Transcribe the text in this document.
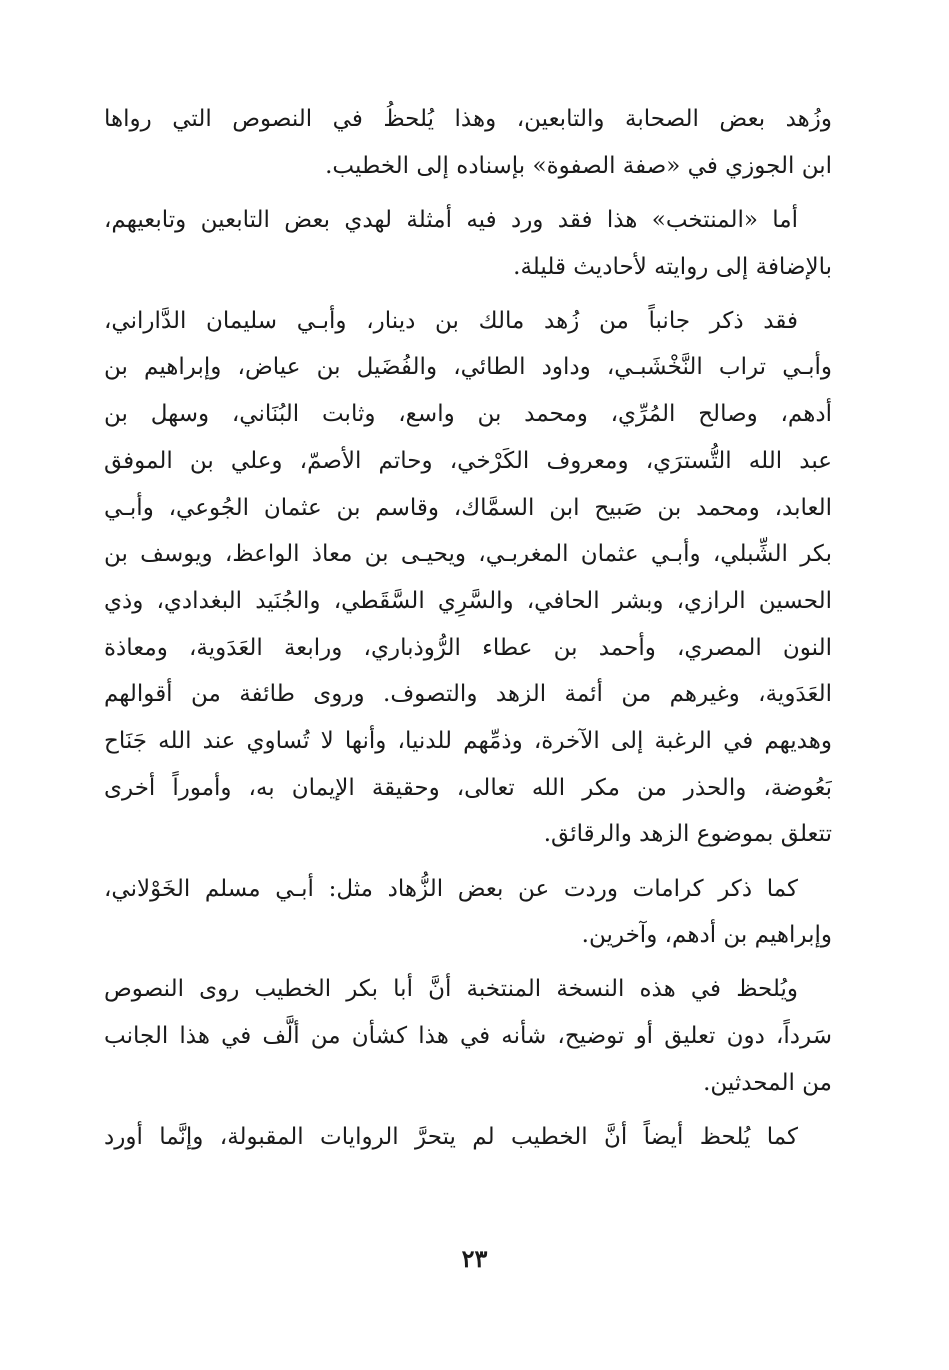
وزُهد بعض الصحابة والتابعين، وهذا يُلحظُ في النصوص التي رواها
ابن الجوزي في «صفة الصفوة» بإسناده إلى الخطيب.
أما «المنتخب» هذا فقد ورد فيه أمثلة لهدي بعض التابعين وتابعيهم،
بالإضافة إلى روايته لأحاديث قليلة.
فقد ذكر جانباً من زُهد مالك بن دينار، وأبـي سليمان الدَّاراني،
وأبـي تراب النَّخْشَبـي، وداود الطائي، والفُضَيل بن عياض، وإبراهيم بن
أدهم، وصالح المُرِّي، ومحمد بن واسع، وثابت البُنَاني، وسهل بن
عبد الله التُّسترَي، ومعروف الكَرْخي، وحاتم الأصمّ، وعلي بن الموفق
العابد، ومحمد بن صَبيح ابن السمَّاك، وقاسم بن عثمان الجُوعي، وأبـي
بكر الشِّبلي، وأبـي عثمان المغربـي، ويحيـى بن معاذ الواعظ، ويوسف بن
الحسين الرازي، وبشر الحافي، والسَّرِي السَّقَطي، والجُنَيد البغدادي، وذي
النون المصري، وأحمد بن عطاء الرُّوذباري، ورابعة العَدَوية، ومعاذة
العَدَوية، وغيرهم من أئمة الزهد والتصوف. وروى طائفة من أقوالهم
وهديهم في الرغبة إلى الآخرة، وذمِّهم للدنيا، وأنها لا تُساوي عند الله جَنَاح
بَعُوضة، والحذر من مكر الله تعالى، وحقيقة الإيمان به، وأموراً أخرى
تتعلق بموضوع الزهد والرقائق.
كما ذكر كرامات وردت عن بعض الزُّهاد مثل: أبـي مسلم الخَوْلاني،
وإبراهيم بن أدهم، وآخرين.
ويُلحظ في هذه النسخة المنتخبة أنَّ أبا بكر الخطيب روى النصوص
سَرداً، دون تعليق أو توضيح، شأنه في هذا كشأن من ألَّف في هذا الجانب
من المحدثين.
كما يُلحظ أيضاً أنَّ الخطيب لم يتحرَّ الروايات المقبولة، وإنَّما أورد
٢٣
